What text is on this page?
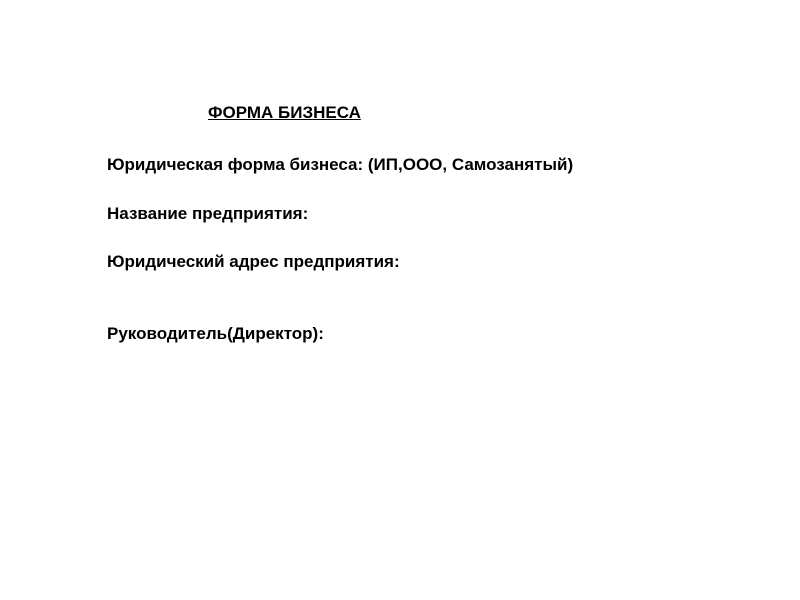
ФОРМА БИЗНЕСА
Юридическая форма бизнеса: (ИП,ООО, Самозанятый)
Название предприятия:
Юридический адрес предприятия:
Руководитель(Директор):
